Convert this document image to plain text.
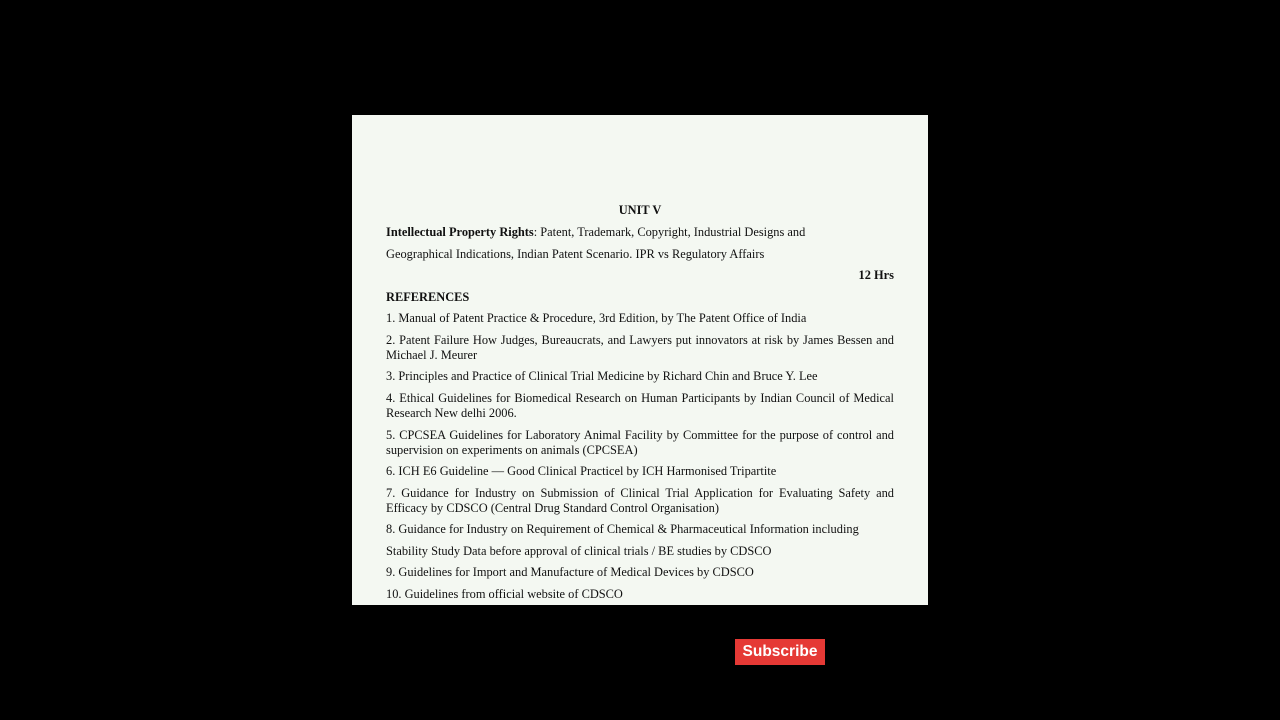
UNIT V
Intellectual Property Rights: Patent, Trademark, Copyright, Industrial Designs and
Geographical Indications, Indian Patent Scenario. IPR vs Regulatory Affairs
12 Hrs
REFERENCES
1. Manual of Patent Practice & Procedure, 3rd Edition, by The Patent Office of India
2. Patent Failure How Judges, Bureaucrats, and Lawyers put innovators at risk by James Bessen and Michael J. Meurer
3. Principles and Practice of Clinical Trial Medicine by Richard Chin and Bruce Y. Lee
4. Ethical Guidelines for Biomedical Research on Human Participants by Indian Council of Medical Research New delhi 2006.
5. CPCSEA Guidelines for Laboratory Animal Facility by Committee for the purpose of control and supervision on experiments on animals (CPCSEA)
6. ICH E6 Guideline — Good Clinical Practicel by ICH Harmonised Tripartite
7. Guidance for Industry on Submission of Clinical Trial Application for Evaluating Safety and Efficacy by CDSCO (Central Drug Standard Control Organisation)
8. Guidance for Industry on Requirement of Chemical & Pharmaceutical Information including
Stability Study Data before approval of clinical trials / BE studies by CDSCO
9. Guidelines for Import and Manufacture of Medical Devices by CDSCO
10. Guidelines from official website of CDSCO
Subscribe
